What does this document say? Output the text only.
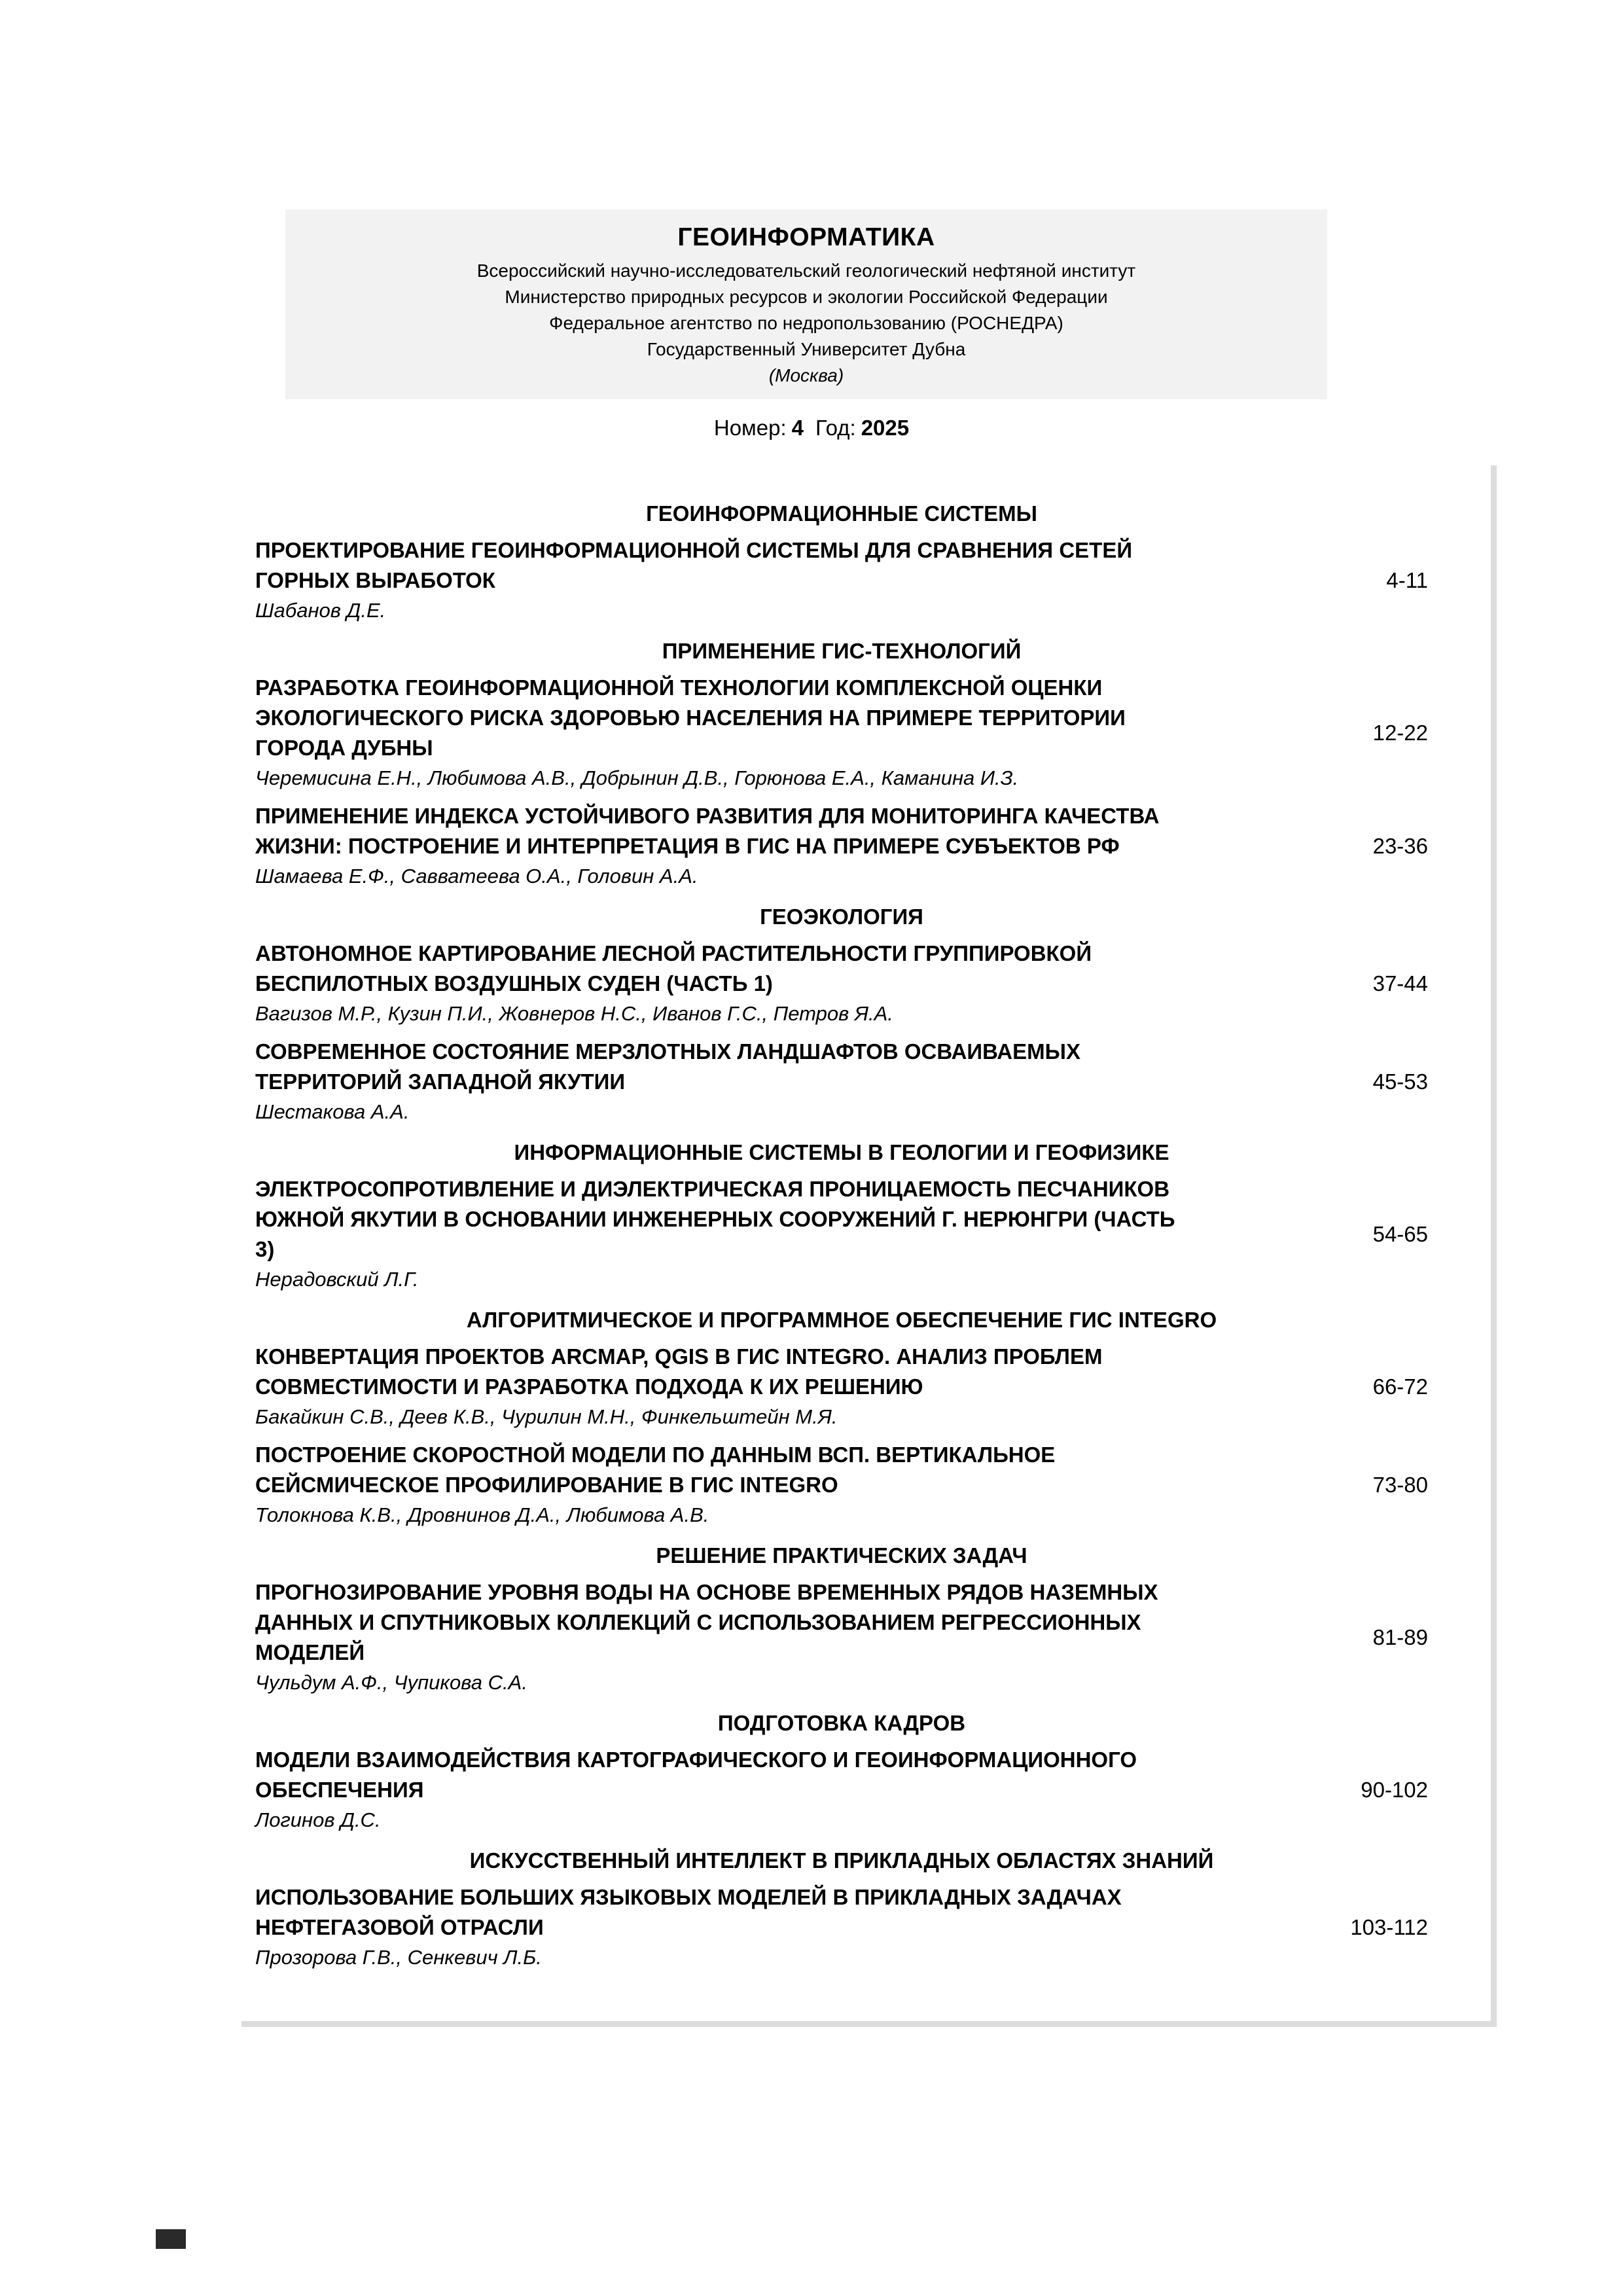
ГЕОИНФОРМАТИКА
Всероссийский научно-исследовательский геологический нефтяной институт
Министерство природных ресурсов и экологии Российской Федерации
Федеральное агентство по недропользованию (РОСНЕДРА)
Государственный Университет Дубна
(Москва)
Номер: 4 Год: 2025
ГЕОИНФОРМАЦИОННЫЕ СИСТЕМЫ
ПРОЕКТИРОВАНИЕ ГЕОИНФОРМАЦИОННОЙ СИСТЕМЫ ДЛЯ СРАВНЕНИЯ СЕТЕЙ ГОРНЫХ ВЫРАБОТОК
Шабанов Д.Е.
4-11
ПРИМЕНЕНИЕ ГИС-ТЕХНОЛОГИЙ
РАЗРАБОТКА ГЕОИНФОРМАЦИОННОЙ ТЕХНОЛОГИИ КОМПЛЕКСНОЙ ОЦЕНКИ ЭКОЛОГИЧЕСКОГО РИСКА ЗДОРОВЬЮ НАСЕЛЕНИЯ НА ПРИМЕРЕ ТЕРРИТОРИИ ГОРОДА ДУБНЫ
Черемисина Е.Н., Любимова А.В., Добрынин Д.В., Горюнова Е.А., Каманина И.З.
12-22
ПРИМЕНЕНИЕ ИНДЕКСА УСТОЙЧИВОГО РАЗВИТИЯ ДЛЯ МОНИТОРИНГА КАЧЕСТВА ЖИЗНИ: ПОСТРОЕНИЕ И ИНТЕРПРЕТАЦИЯ В ГИС НА ПРИМЕРЕ СУБЪЕКТОВ РФ
Шамаева Е.Ф., Савватеева О.А., Головин А.А.
23-36
ГЕОЭКОЛОГИЯ
АВТОНОМНОЕ КАРТИРОВАНИЕ ЛЕСНОЙ РАСТИТЕЛЬНОСТИ ГРУППИРОВКОЙ БЕСПИЛОТНЫХ ВОЗДУШНЫХ СУДЕН (ЧАСТЬ 1)
Вагизов М.Р., Кузин П.И., Жовнеров Н.С., Иванов Г.С., Петров Я.А.
37-44
СОВРЕМЕННОЕ СОСТОЯНИЕ МЕРЗЛОТНЫХ ЛАНДШАФТОВ ОСВАИВАЕМЫХ ТЕРРИТОРИЙ ЗАПАДНОЙ ЯКУТИИ
Шестакова А.А.
45-53
ИНФОРМАЦИОННЫЕ СИСТЕМЫ В ГЕОЛОГИИ И ГЕОФИЗИКЕ
ЭЛЕКТРОСОПРОТИВЛЕНИЕ И ДИЭЛЕКТРИЧЕСКАЯ ПРОНИЦАЕМОСТЬ ПЕСЧАНИКОВ ЮЖНОЙ ЯКУТИИ В ОСНОВАНИИ ИНЖЕНЕРНЫХ СООРУЖЕНИЙ Г. НЕРЮНГРИ (ЧАСТЬ 3)
Нерадовский Л.Г.
54-65
АЛГОРИТМИЧЕСКОЕ И ПРОГРАММНОЕ ОБЕСПЕЧЕНИЕ ГИС INTEGRO
КОНВЕРТАЦИЯ ПРОЕКТОВ ARCMAP, QGIS В ГИС INTEGRO. АНАЛИЗ ПРОБЛЕМ СОВМЕСТИМОСТИ И РАЗРАБОТКА ПОДХОДА К ИХ РЕШЕНИЮ
Бакайкин С.В., Деев К.В., Чурилин М.Н., Финкельштейн М.Я.
66-72
ПОСТРОЕНИЕ СКОРОСТНОЙ МОДЕЛИ ПО ДАННЫМ ВСП. ВЕРТИКАЛЬНОЕ СЕЙСМИЧЕСКОЕ ПРОФИЛИРОВАНИЕ В ГИС INTEGRO
Толокнова К.В., Дровнинов Д.А., Любимова А.В.
73-80
РЕШЕНИЕ ПРАКТИЧЕСКИХ ЗАДАЧ
ПРОГНОЗИРОВАНИЕ УРОВНЯ ВОДЫ НА ОСНОВЕ ВРЕМЕННЫХ РЯДОВ НАЗЕМНЫХ ДАННЫХ И СПУТНИКОВЫХ КОЛЛЕКЦИЙ С ИСПОЛЬЗОВАНИЕМ РЕГРЕССИОННЫХ МОДЕЛЕЙ
Чульдум А.Ф., Чупикова С.А.
81-89
ПОДГОТОВКА КАДРОВ
МОДЕЛИ ВЗАИМОДЕЙСТВИЯ КАРТОГРАФИЧЕСКОГО И ГЕОИНФОРМАЦИОННОГО ОБЕСПЕЧЕНИЯ
Логинов Д.С.
90-102
ИСКУССТВЕННЫЙ ИНТЕЛЛЕКТ В ПРИКЛАДНЫХ ОБЛАСТЯХ ЗНАНИЙ
ИСПОЛЬЗОВАНИЕ БОЛЬШИХ ЯЗЫКОВЫХ МОДЕЛЕЙ В ПРИКЛАДНЫХ ЗАДАЧАХ НЕФТЕГАЗОВОЙ ОТРАСЛИ
Прозорова Г.В., Сенкевич Л.Б.
103-112
